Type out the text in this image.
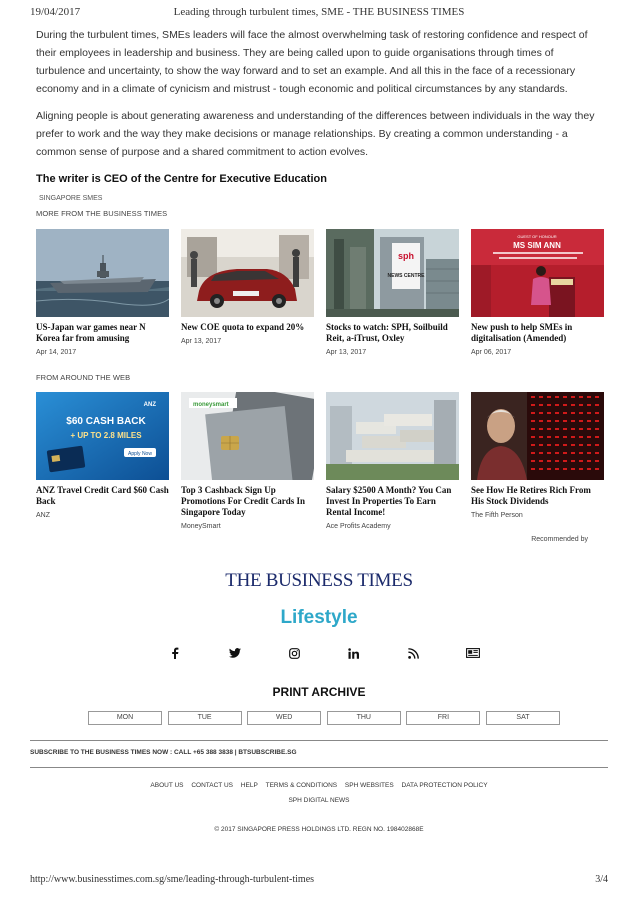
19/04/2017	Leading through turbulent times, SME - THE BUSINESS TIMES

During the turbulent times, SMEs leaders will face the almost overwhelming task of restoring confidence and respect of their employees in leadership and business. They are being called upon to guide organisations through times of turbulence and uncertainty, to show the way forward and to set an example. And all this in the face of a recessionary economy and in a climate of cynicism and mistrust - tough economic and political circumstances by any standards.

Aligning people is about generating awareness and understanding of the differences between individuals in the way they prefer to work and the way they make decisions or manage relationships. By creating a common understanding - a common sense of purpose and a shared commitment to action evolves.

The writer is CEO of the Centre for Executive Education
SINGAPORE SMES
MORE FROM THE BUSINESS TIMES
US-Japan war games near N Korea far from amusing
Apr 14, 2017
New COE quota to expand 20%
Apr 13, 2017
sph
NEWS CENTRE
Stocks to watch: SPH, Soilbuild Reit, a-iTrust, Oxley
Apr 13, 2017
GUEST OF HONOUR
MS SIM ANN
New push to help SMEs in digitalisation (Amended)
Apr 06, 2017
FROM AROUND THE WEB
ANZ
$60 CASH BACK
+ UP TO 2.8 MILES
Apply Now
ANZ Travel Credit Card $60 Cash Back
ANZ
moneysmart
Top 3 Cashback Sign Up Promotions For Credit Cards In Singapore Today
MoneySmart
Salary $2500 A Month? You Can Invest In Properties To Earn Rental Income!
Ace Profits Academy
See How He Retires Rich From His Stock Dividends
The Fifth Person
Recommended by
THE BUSINESS TIMES
Lifestyle
PRINT ARCHIVE
MON	TUE	WED	THU	FRI	SAT
SUBSCRIBE TO THE BUSINESS TIMES NOW : CALL +65 388 3838 | BTSUBSCRIBE.SG
ABOUT US CONTACT US HELP TERMS & CONDITIONS SPH WEBSITES DATA PROTECTION POLICY
SPH DIGITAL NEWS
© 2017 SINGAPORE PRESS HOLDINGS LTD. REGN NO. 198402868E
http://www.businesstimes.com.sg/sme/leading-through-turbulent-times	3/4
